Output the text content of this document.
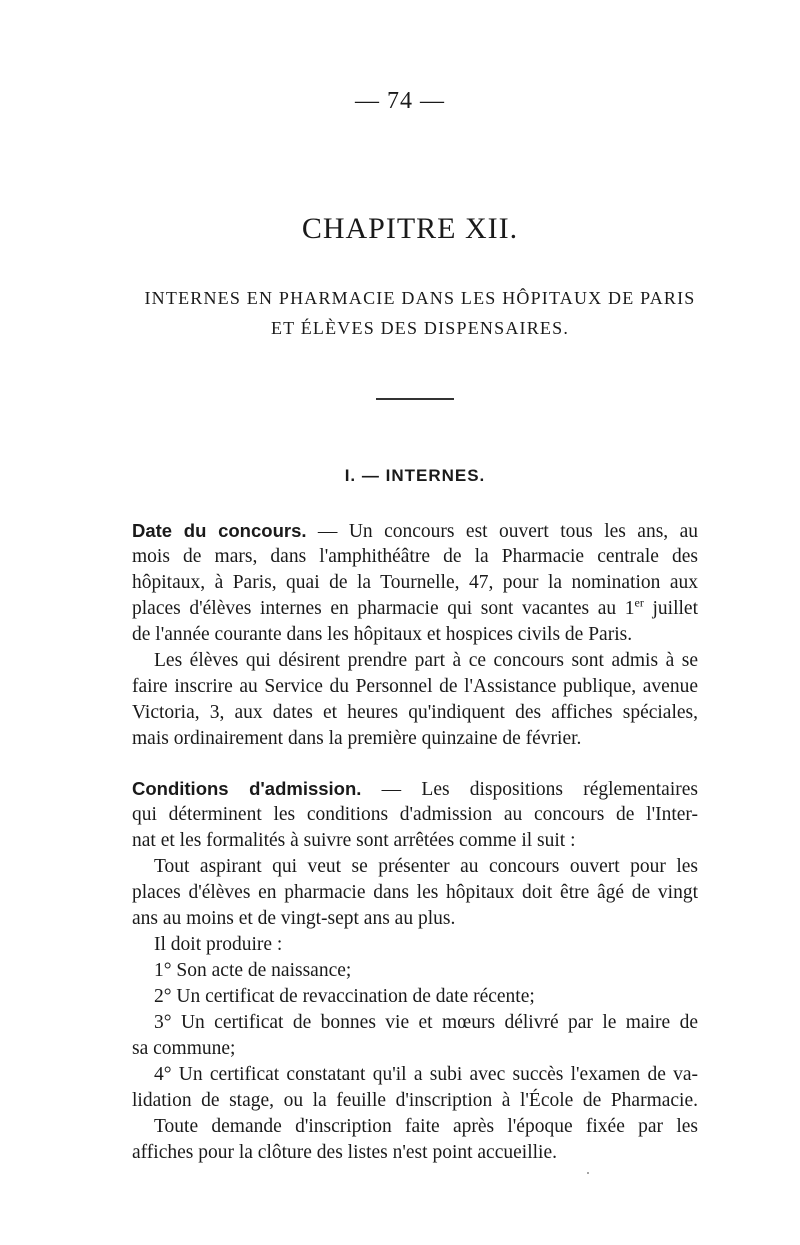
— 74 —
CHAPITRE XII.
INTERNES EN PHARMACIE DANS LES HÔPITAUX DE PARIS
ET ÉLÈVES DES DISPENSAIRES.
I. — INTERNES.
Date du concours. — Un concours est ouvert tous les ans, au
mois de mars, dans l'amphithéâtre de la Pharmacie centrale des
hôpitaux, à Paris, quai de la Tournelle, 47, pour la nomination aux
places d'élèves internes en pharmacie qui sont vacantes au 1er juillet
de l'année courante dans les hôpitaux et hospices civils de Paris.
Les élèves qui désirent prendre part à ce concours sont admis à se
faire inscrire au Service du Personnel de l'Assistance publique, avenue
Victoria, 3, aux dates et heures qu'indiquent des affiches spéciales,
mais ordinairement dans la première quinzaine de février.
Conditions d'admission. — Les dispositions réglementaires
qui déterminent les conditions d'admission au concours de l'Inter-
nat et les formalités à suivre sont arrêtées comme il suit :
Tout aspirant qui veut se présenter au concours ouvert pour les
places d'élèves en pharmacie dans les hôpitaux doit être âgé de vingt
ans au moins et de vingt-sept ans au plus.
Il doit produire :
1° Son acte de naissance;
2° Un certificat de revaccination de date récente;
3° Un certificat de bonnes vie et mœurs délivré par le maire de
sa commune;
4° Un certificat constatant qu'il a subi avec succès l'examen de va-
lidation de stage, ou la feuille d'inscription à l'École de Pharmacie.
Toute demande d'inscription faite après l'époque fixée par les
affiches pour la clôture des listes n'est point accueillie.
